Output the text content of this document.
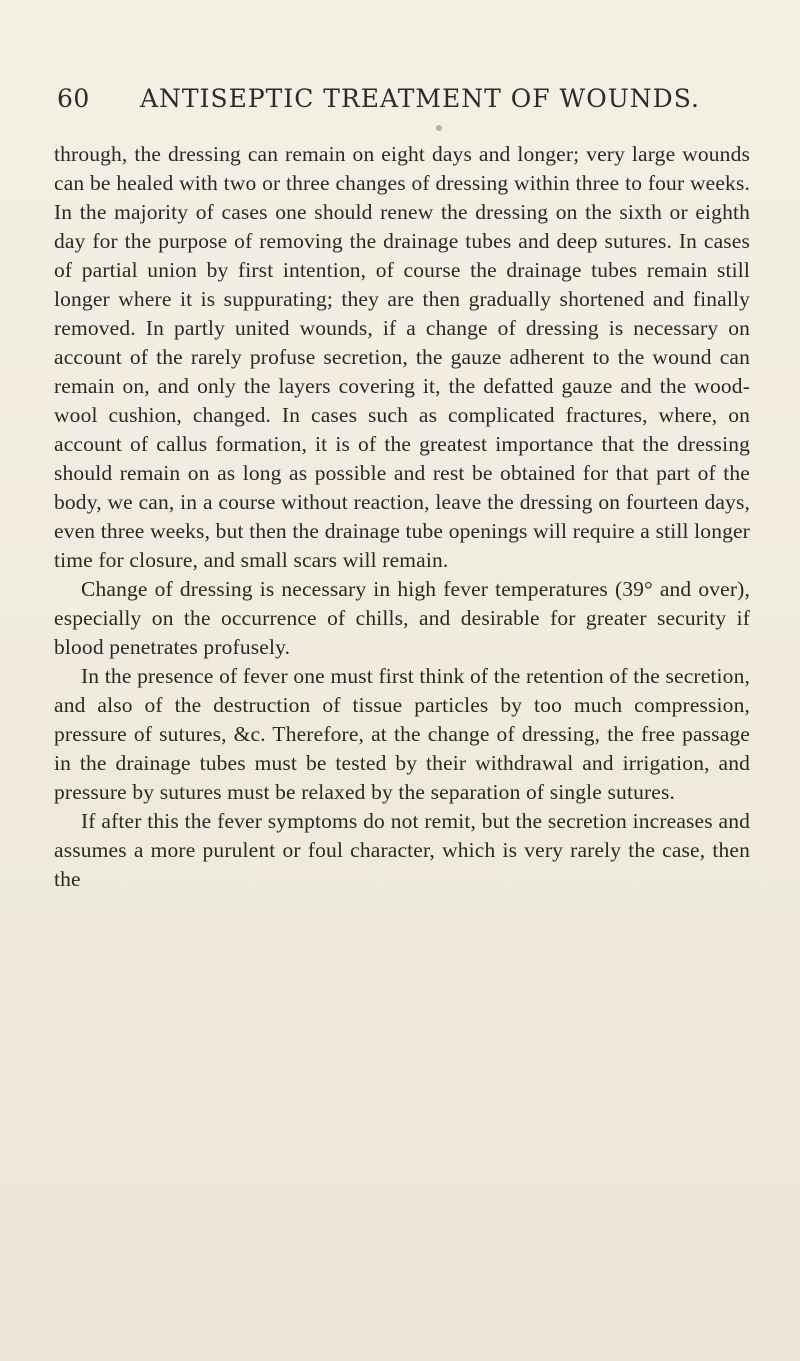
60 ANTISEPTIC TREATMENT OF WOUNDS.

through, the dressing can remain on eight days and longer; very large wounds can be healed with two or three changes of dressing within three to four weeks. In the majority of cases one should renew the dressing on the sixth or eighth day for the purpose of removing the drainage tubes and deep sutures. In cases of partial union by first intention, of course the drainage tubes remain still longer where it is suppurating; they are then gradually shortened and finally removed. In partly united wounds, if a change of dressing is necessary on account of the rarely profuse secretion, the gauze adherent to the wound can remain on, and only the layers covering it, the defatted gauze and the wood-wool cushion, changed. In cases such as complicated fractures, where, on account of callus formation, it is of the greatest importance that the dressing should remain on as long as possible and rest be obtained for that part of the body, we can, in a course without reaction, leave the dressing on fourteen days, even three weeks, but then the drainage tube openings will require a still longer time for closure, and small scars will remain.

Change of dressing is necessary in high fever temperatures (39° and over), especially on the occurrence of chills, and desirable for greater security if blood penetrates profusely.

In the presence of fever one must first think of the retention of the secretion, and also of the destruction of tissue particles by too much compression, pressure of sutures, &c. Therefore, at the change of dressing, the free passage in the drainage tubes must be tested by their withdrawal and irrigation, and pressure by sutures must be relaxed by the separation of single sutures.

If after this the fever symptoms do not remit, but the secretion increases and assumes a more purulent or foul character, which is very rarely the case, then the
